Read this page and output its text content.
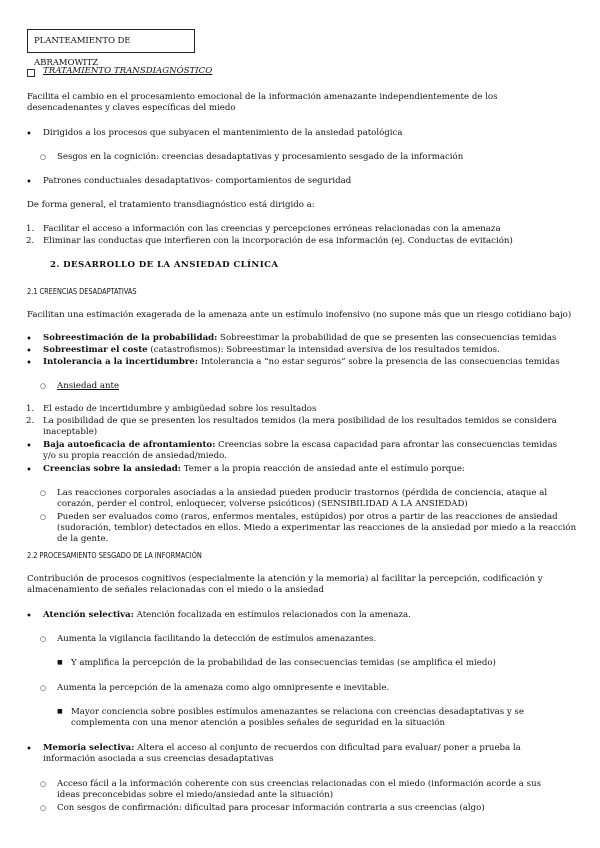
PLANTEAMIENTO DE ABRAMOWITZ
TRATAMIENTO TRANSDIAGNÓSTICO
Facilita el cambio en el procesamiento emocional de la información amenazante independientemente de los desencadenantes y claves específicas del miedo
• Dirigidos a los procesos que subyacen el mantenimiento de la ansiedad patológica
○ Sesgos en la cognición: creencias desadaptativas y procesamiento sesgado de la información
• Patrones conductuales desadaptativos- comportamientos de seguridad
De forma general, el tratamiento transdiagnóstico está dirigido a:
1. Facilitar el acceso a información con las creencias y percepciones erróneas relacionadas con la amenaza
2. Eliminar las conductas que interfieren con la incorporación de esa información (ej. Conductas de evitación)
2. DESARROLLO DE LA ANSIEDAD CLÍNICA
2.1 CREENCIAS DESADAPTATIVAS
Facilitan una estimación exagerada de la amenaza ante un estímulo inofensivo (no supone más que un riesgo cotidiano bajo)
• Sobreestimación de la probabilidad: Sobreestimar la probabilidad de que se presenten las consecuencias temidas
• Sobreestimar el coste (catastrofismos): Sobreestimar la intensidad aversiva de los resultados temidos.
• Intolerancia a la incertidumbre: Intolerancia a “no estar seguros” sobre la presencia de las consecuencias temidas
○ Ansiedad ante
1. El estado de incertidumbre y ambigüedad sobre los resultados
2. La posibilidad de que se presenten los resultados temidos (la mera posibilidad de los resultados temidos se considera inaceptable)
• Baja autoeficacia de afrontamiento: Creencias sobre la escasa capacidad para afrontar las consecuencias temidas y/o su propia reacción de ansiedad/miedo.
• Creencias sobre la ansiedad: Temer a la propia reacción de ansiedad ante el estímulo porque:
○ Las reacciones corporales asociadas a la ansiedad pueden producir trastornos (pérdida de conciencia, ataque al corazón, perder el control, enloquecer, volverse psicóticos) (SENSIBILIDAD A LA ANSIEDAD)
○ Pueden ser evaluados como (raros, enfermos mentales, estúpidos) por otros a partir de las reacciones de ansiedad (sudoración, temblor) detectados en ellos. Miedo a experimentar las reacciones de la ansiedad por miedo a la reacción de la gente.
2.2 PROCESAMIENTO SESGADO DE LA INFORMACIÓN
Contribución de procesos cognitivos (especialmente la atención y la memoria) al facilitar la percepción, codificación y almacenamiento de señales relacionadas con el miedo o la ansiedad
• Atención selectiva: Atención focalizada en estímulos relacionados con la amenaza.
○ Aumenta la vigilancia facilitando la detección de estímulos amenazantes.
■ Y amplifica la percepción de la probabilidad de las consecuencias temidas (se amplifica el miedo)
○ Aumenta la percepción de la amenaza como algo omnipresente e inevitable.
■ Mayor conciencia sobre posibles estímulos amenazantes se relaciona con creencias desadaptativas y se complementa con una menor atención a posibles señales de seguridad en la situación
• Memoria selectiva: Altera el acceso al conjunto de recuerdos con dificultad para evaluar/ poner a prueba la información asociada a sus creencias desadaptativas
○ Acceso fácil a la información coherente con sus creencias relacionadas con el miedo (información acorde a sus ideas preconcebidas sobre el miedo/ansiedad ante la situación)
○ Con sesgos de confirmación: dificultad para procesar información contraria a sus creencias (algo)
